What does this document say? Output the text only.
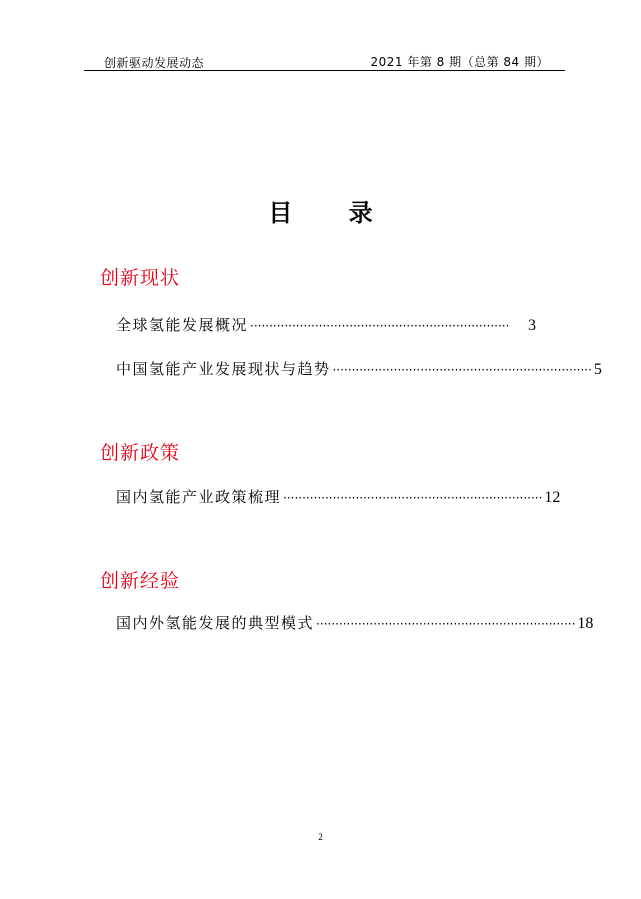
创新驱动发展动态	2021 年第 8 期（总第 84 期）
目 录
创新现状
全球氢能发展概况 ····································································	3
中国氢能产业发展现状与趋势 ···································································· 5
创新政策
国内氢能产业政策梳理 ···································································· 12
创新经验
国内外氢能发展的典型模式 ···································································· 18
2
